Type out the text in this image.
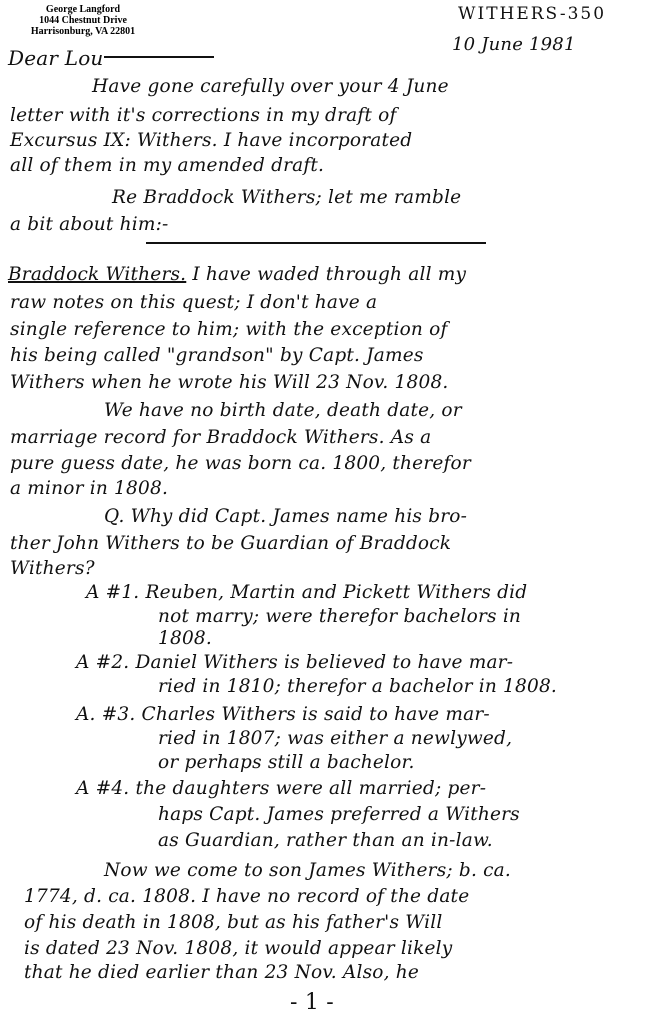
George Langford
1044 Chestnut Drive
Harrisonburg, VA 22801
WITHERS-350
10 June 1981
Dear Lou
Have gone carefully over your 4 June
letter with it's corrections in my draft of
Excursus IX: Withers. I have incorporated
all of them in my amended draft.
Re Braddock Withers; let me ramble
a bit about him:-
Braddock Withers. I have waded through all my
raw notes on this quest; I don't have a
single reference to him; with the exception of
his being called "grandson" by Capt. James
Withers when he wrote his Will 23 Nov. 1808.
We have no birth date, death date, or
marriage record for Braddock Withers. As a
pure guess date, he was born ca. 1800, therefor
a minor in 1808.
Q. Why did Capt. James name his bro-
ther John Withers to be Guardian of Braddock
Withers?
A #1. Reuben, Martin and Pickett Withers did
not marry; were therefor bachelors in
1808.
A #2. Daniel Withers is believed to have mar-
ried in 1810; therefor a bachelor in 1808.
A. #3. Charles Withers is said to have mar-
ried in 1807; was either a newlywed,
or perhaps still a bachelor.
A #4. the daughters were all married; per-
haps Capt. James preferred a Withers
as Guardian, rather than an in-law.
Now we come to son James Withers; b. ca.
1774, d. ca. 1808. I have no record of the date
of his death in 1808, but as his father's Will
is dated 23 Nov. 1808, it would appear likely
that he died earlier than 23 Nov. Also, he
- 1 -
